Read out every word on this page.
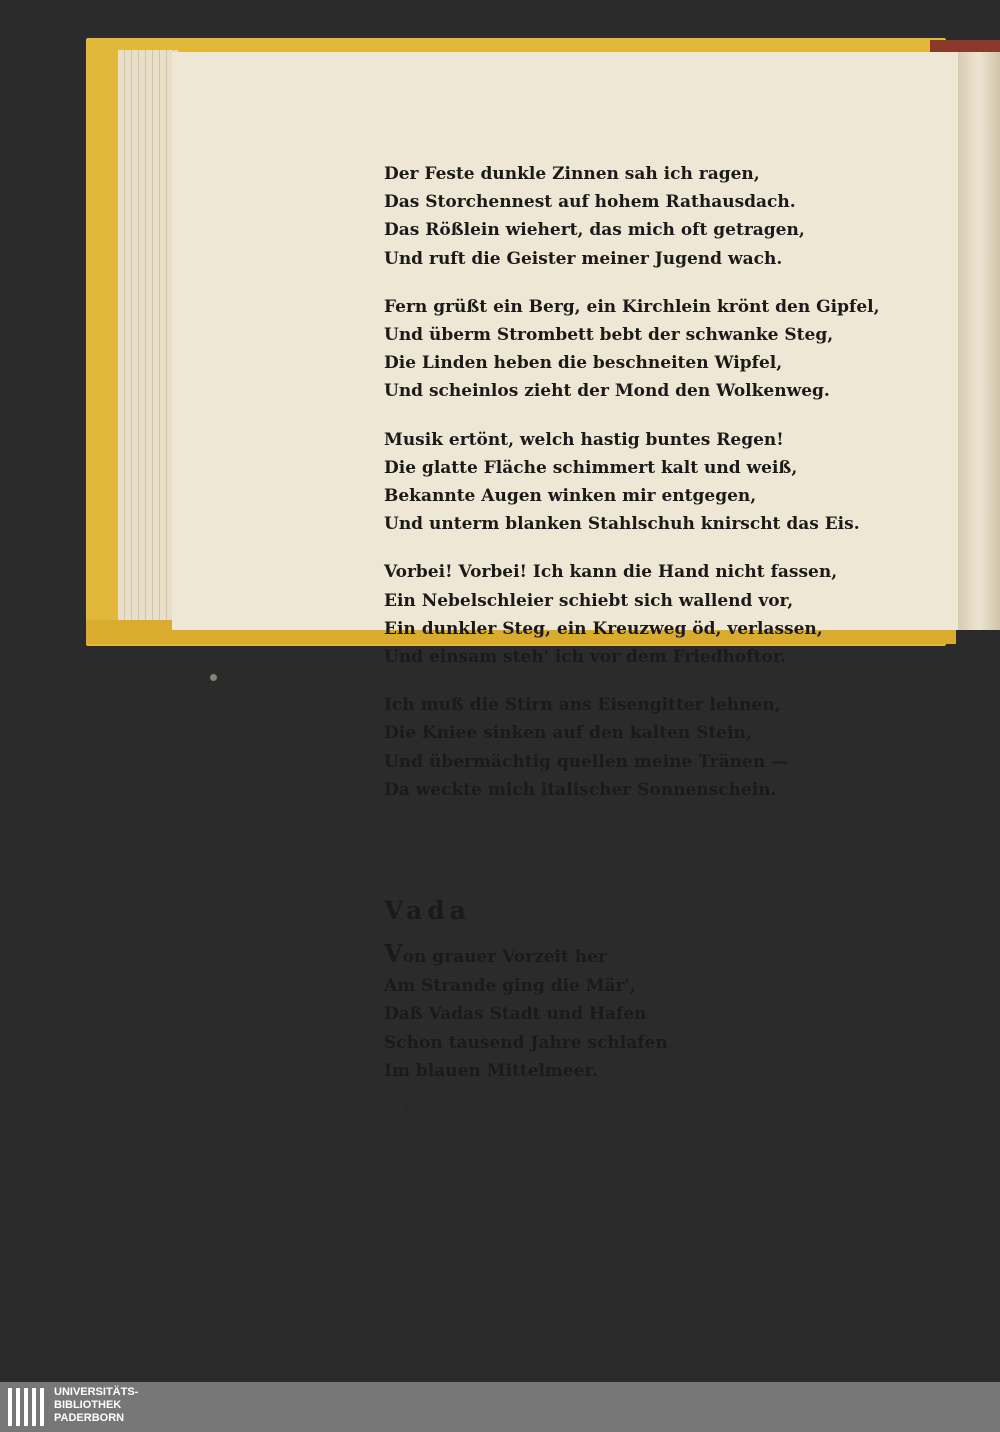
Der Feste dunkle Zinnen sah ich ragen,
Das Storchennest auf hohem Rathausdach.
Das Rößlein wiehert, das mich oft getragen,
Und ruft die Geister meiner Jugend wach.
Fern grüßt ein Berg, ein Kirchlein krönt den Gipfel,
Und überm Strombett bebt der schwanke Steg,
Die Linden heben die beschneiten Wipfel,
Und scheinlos zieht der Mond den Wolkenweg.
Musik ertönt, welch hastig buntes Regen!
Die glatte Fläche schimmert kalt und weiß,
Bekannte Augen winken mir entgegen,
Und unterm blanken Stahlschuh knirscht das Eis.
Vorbei! Vorbei! Ich kann die Hand nicht fassen,
Ein Nebelschleier schiebt sich wallend vor,
Ein dunkler Steg, ein Kreuzweg öd, verlassen,
Und einsam steh' ich vor dem Friedhoftor.
Ich muß die Stirn ans Eisengitter lehnen,
Die Kniee sinken auf den kalten Stein,
Und übermächtig quellen meine Tränen —
Da weckte mich italischer Sonnenschein.
Vada
Von grauer Vorzeit her
Am Strande ging die Mär',
Daß Vadas Stadt und Hafen
Schon tausend Jahre schlafen
Im blauen Mittelmeer.
52
UNIVERSITÄTS-
BIBLIOTHEK
PADERBORN
